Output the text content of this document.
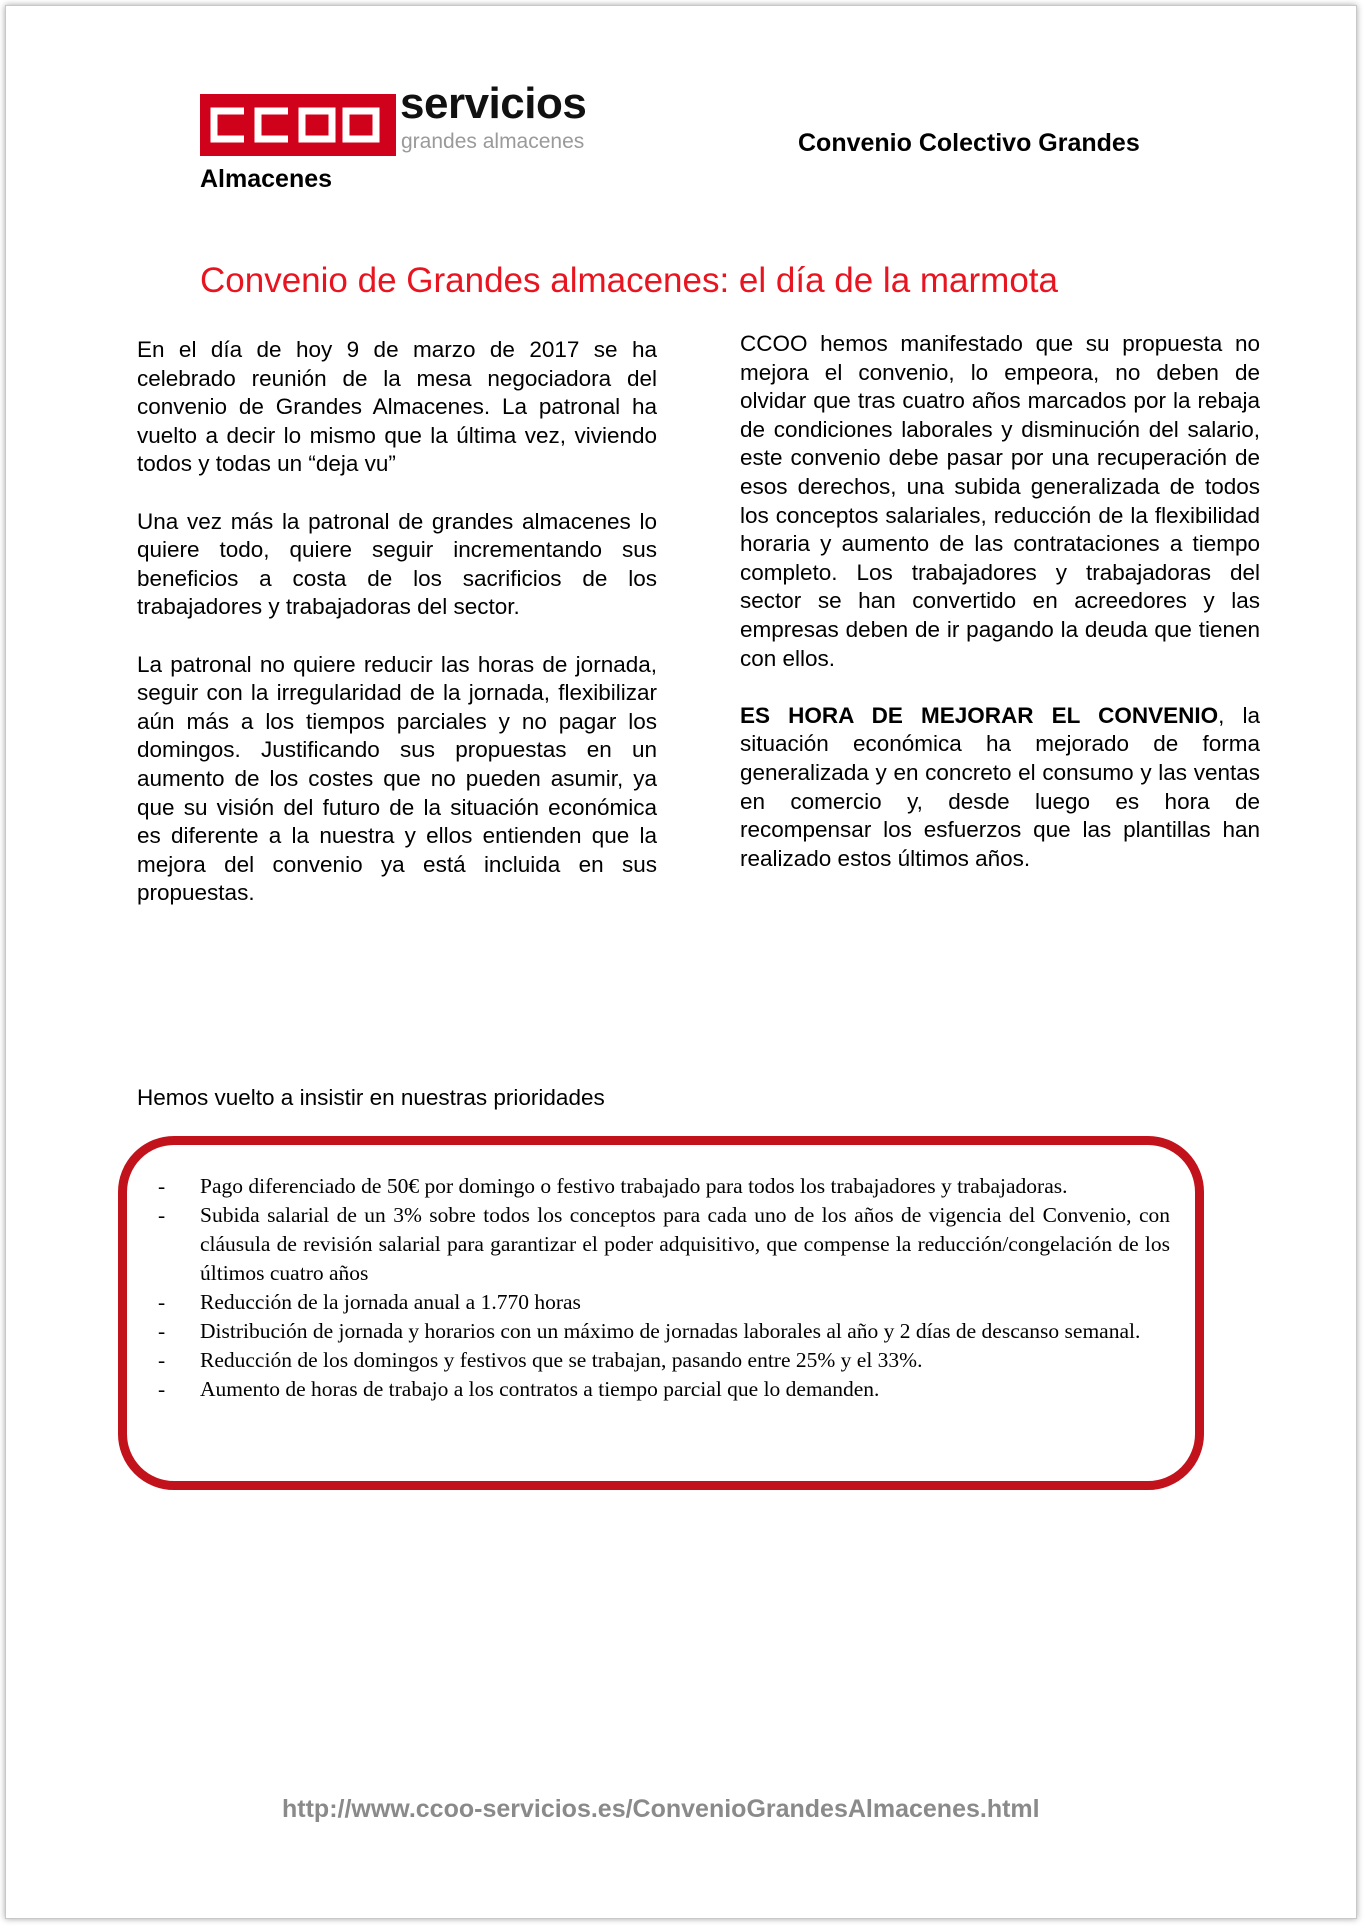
servicios
grandes almacenes	Convenio Colectivo Grandes
Almacenes
Convenio de Grandes almacenes: el día de la marmota

En el día de hoy 9 de marzo de 2017 se ha celebrado reunión de la mesa negociadora del convenio de Grandes Almacenes. La patronal ha vuelto a decir lo mismo que la última vez, viviendo todos y todas un “deja vu”

Una vez más la patronal de grandes almacenes lo quiere todo, quiere seguir incrementando sus beneficios a costa de los sacrificios de los trabajadores y trabajadoras del sector.

La patronal no quiere reducir las horas de jornada, seguir con la irregularidad de la jornada, flexibilizar aún más a los tiempos parciales y no pagar los domingos. Justificando sus propuestas en un aumento de los costes que no pueden asumir, ya que su visión del futuro de la situación económica es diferente a la nuestra y ellos entienden que la mejora del convenio ya está incluida en sus propuestas.

CCOO hemos manifestado que su propuesta no mejora el convenio, lo empeora, no deben de olvidar que tras cuatro años marcados por la rebaja de condiciones laborales y disminución del salario, este convenio debe pasar por una recuperación de esos derechos, una subida generalizada de todos los conceptos salariales, reducción de la flexibilidad horaria y aumento de las contrataciones a tiempo completo. Los trabajadores y trabajadoras del sector se han convertido en acreedores y las empresas deben de ir pagando la deuda que tienen con ellos.

ES HORA DE MEJORAR EL CONVENIO, la situación económica ha mejorado de forma generalizada y en concreto el consumo y las ventas en comercio y, desde luego es hora de recompensar los esfuerzos que las plantillas han realizado estos últimos años.

Hemos vuelto a insistir en nuestras prioridades
- Pago diferenciado de 50€ por domingo o festivo trabajado para todos los trabajadores y trabajadoras.
- Subida salarial de un 3% sobre todos los conceptos para cada uno de los años de vigencia del Convenio, con cláusula de revisión salarial para garantizar el poder adquisitivo, que compense la reducción/congelación de los últimos cuatro años
- Reducción de la jornada anual a 1.770 horas
- Distribución de jornada y horarios con un máximo de jornadas laborales al año y 2 días de descanso semanal.
- Reducción de los domingos y festivos que se trabajan, pasando entre 25% y el 33%.
- Aumento de horas de trabajo a los contratos a tiempo parcial que lo demanden.
http://www.ccoo-servicios.es/ConvenioGrandesAlmacenes.html
